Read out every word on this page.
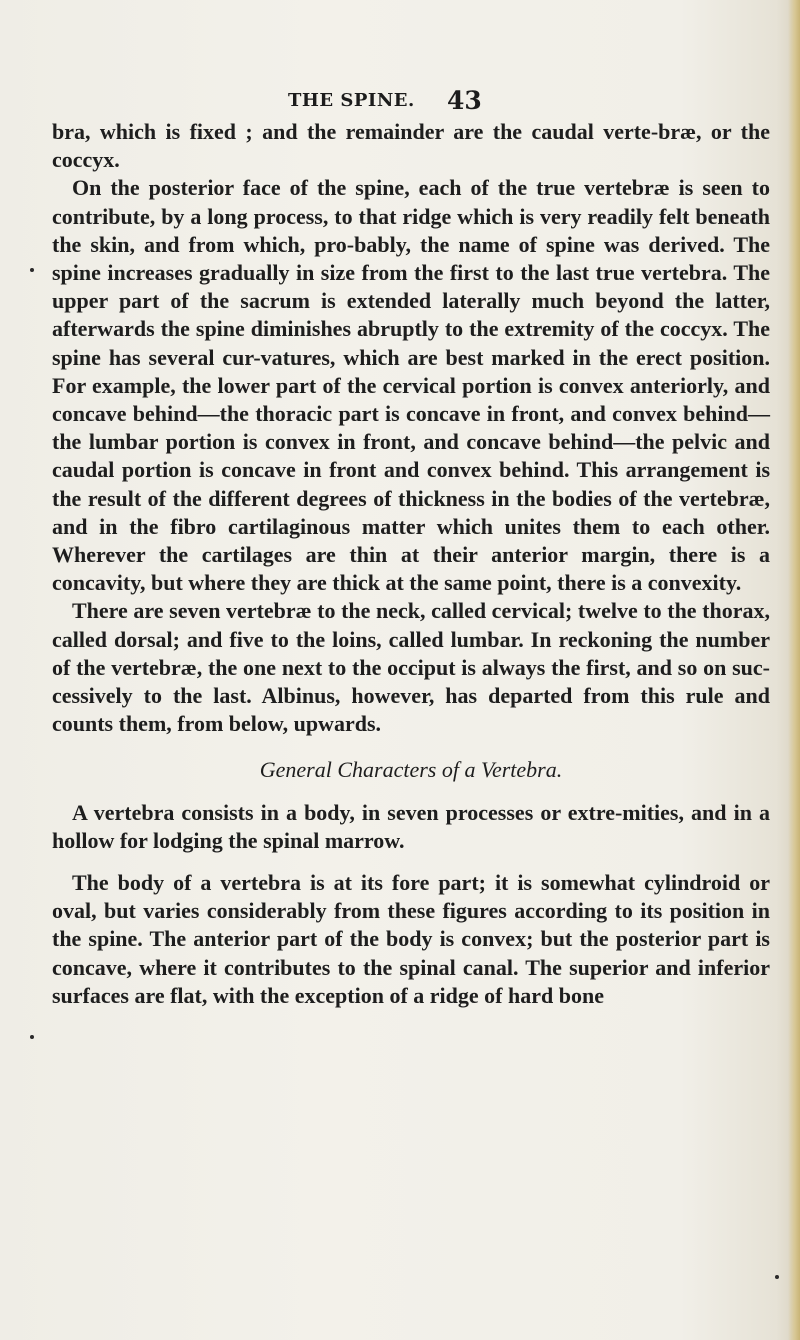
THE SPINE. 43

bra, which is fixed ; and the remainder are the caudal verte-bræ, or the coccyx.

On the posterior face of the spine, each of the true vertebræ is seen to contribute, by a long process, to that ridge which is very readily felt beneath the skin, and from which, pro-bably, the name of spine was derived. The spine increases gradually in size from the first to the last true vertebra. The upper part of the sacrum is extended laterally much beyond the latter, afterwards the spine diminishes abruptly to the extremity of the coccyx. The spine has several cur-vatures, which are best marked in the erect position. For example, the lower part of the cervical portion is convex anteriorly, and concave behind—the thoracic part is concave in front, and convex behind—the lumbar portion is convex in front, and concave behind—the pelvic and caudal portion is concave in front and convex behind. This arrangement is the result of the different degrees of thickness in the bodies of the vertebræ, and in the fibro cartilaginous matter which unites them to each other. Wherever the cartilages are thin at their anterior margin, there is a concavity, but where they are thick at the same point, there is a convexity.

There are seven vertebræ to the neck, called cervical; twelve to the thorax, called dorsal; and five to the loins, called lumbar. In reckoning the number of the vertebræ, the one next to the occiput is always the first, and so on suc-cessively to the last. Albinus, however, has departed from this rule and counts them, from below, upwards.

General Characters of a Vertebra.

A vertebra consists in a body, in seven processes or extre-mities, and in a hollow for lodging the spinal marrow.

The body of a vertebra is at its fore part; it is somewhat cylindroid or oval, but varies considerably from these figures according to its position in the spine. The anterior part of the body is convex; but the posterior part is concave, where it contributes to the spinal canal. The superior and inferior surfaces are flat, with the exception of a ridge of hard bone
